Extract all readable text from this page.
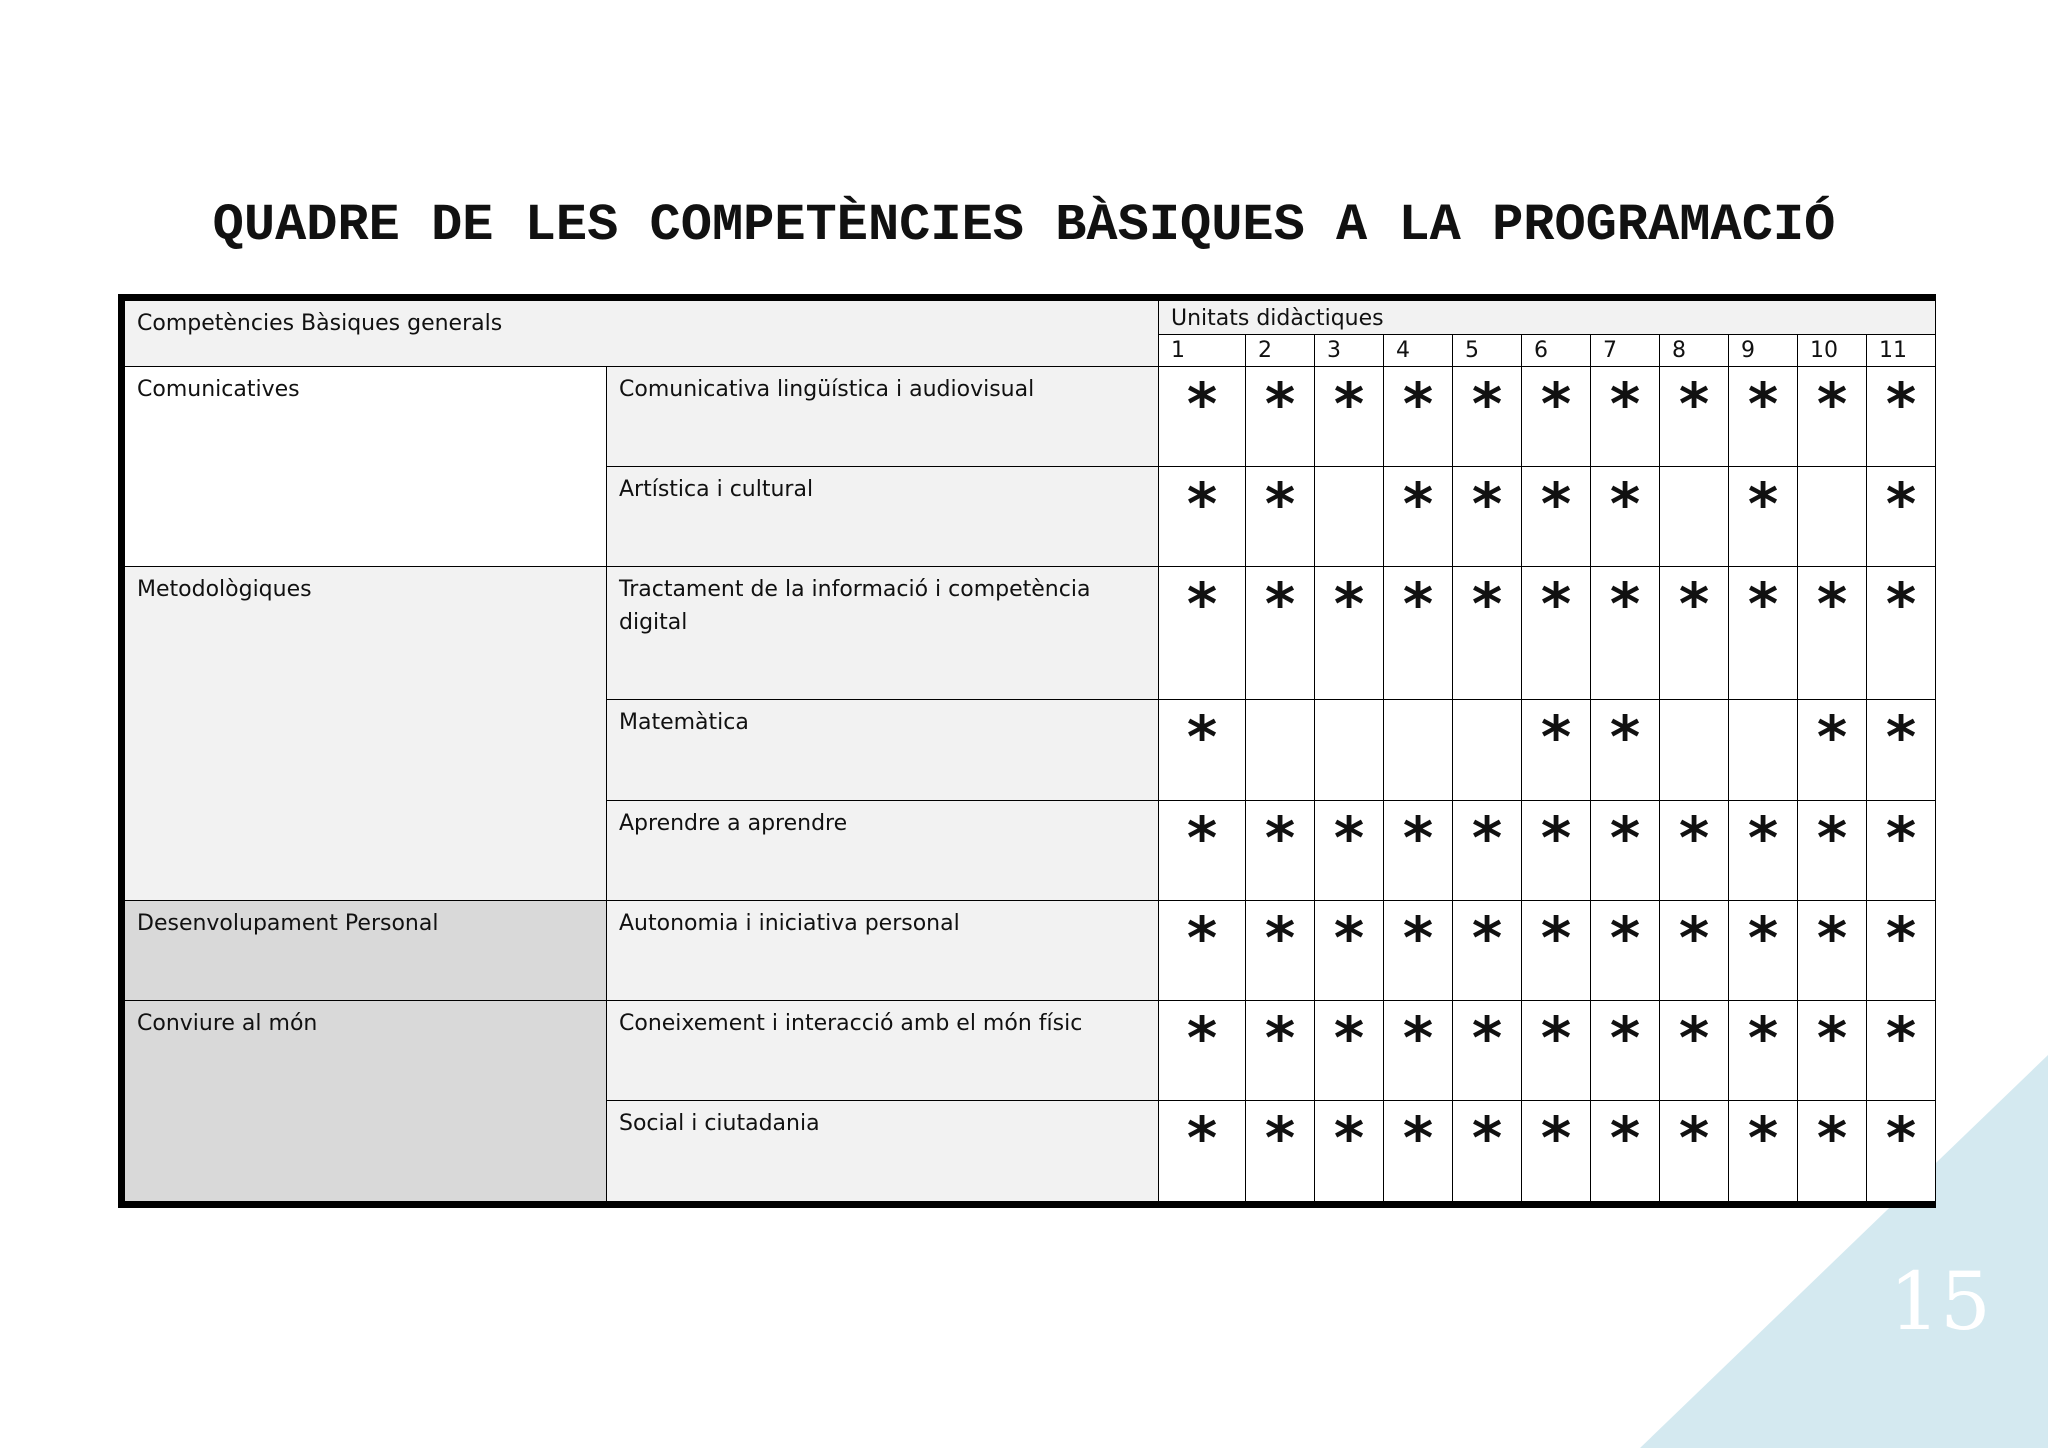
QUADRE DE LES COMPETÈNCIES BÀSIQUES A LA PROGRAMACIÓ
Competències Bàsiques generals		Unitats didàctiques										
		1	2	3	4	5	6	7	8	9	10	11
Comunicatives	Comunicativa lingüística i audiovisual	*	*	*	*	*	*	*	*	*	*	*
	Artística i cultural	*	*		*	*	*	*		*		*
Metodològiques	Tractament de la informació i competència digital	*	*	*	*	*	*	*	*	*	*	*
	Matemàtica	*					*	*			*	*
	Aprendre a aprendre	*	*	*	*	*	*	*	*	*	*	*
Desenvolupament Personal	Autonomia i iniciativa personal	*	*	*	*	*	*	*	*	*	*	*
Conviure al món	Coneixement i interacció amb el món físic	*	*	*	*	*	*	*	*	*	*	*
	Social i ciutadania	*	*	*	*	*	*	*	*	*	*	*
15
